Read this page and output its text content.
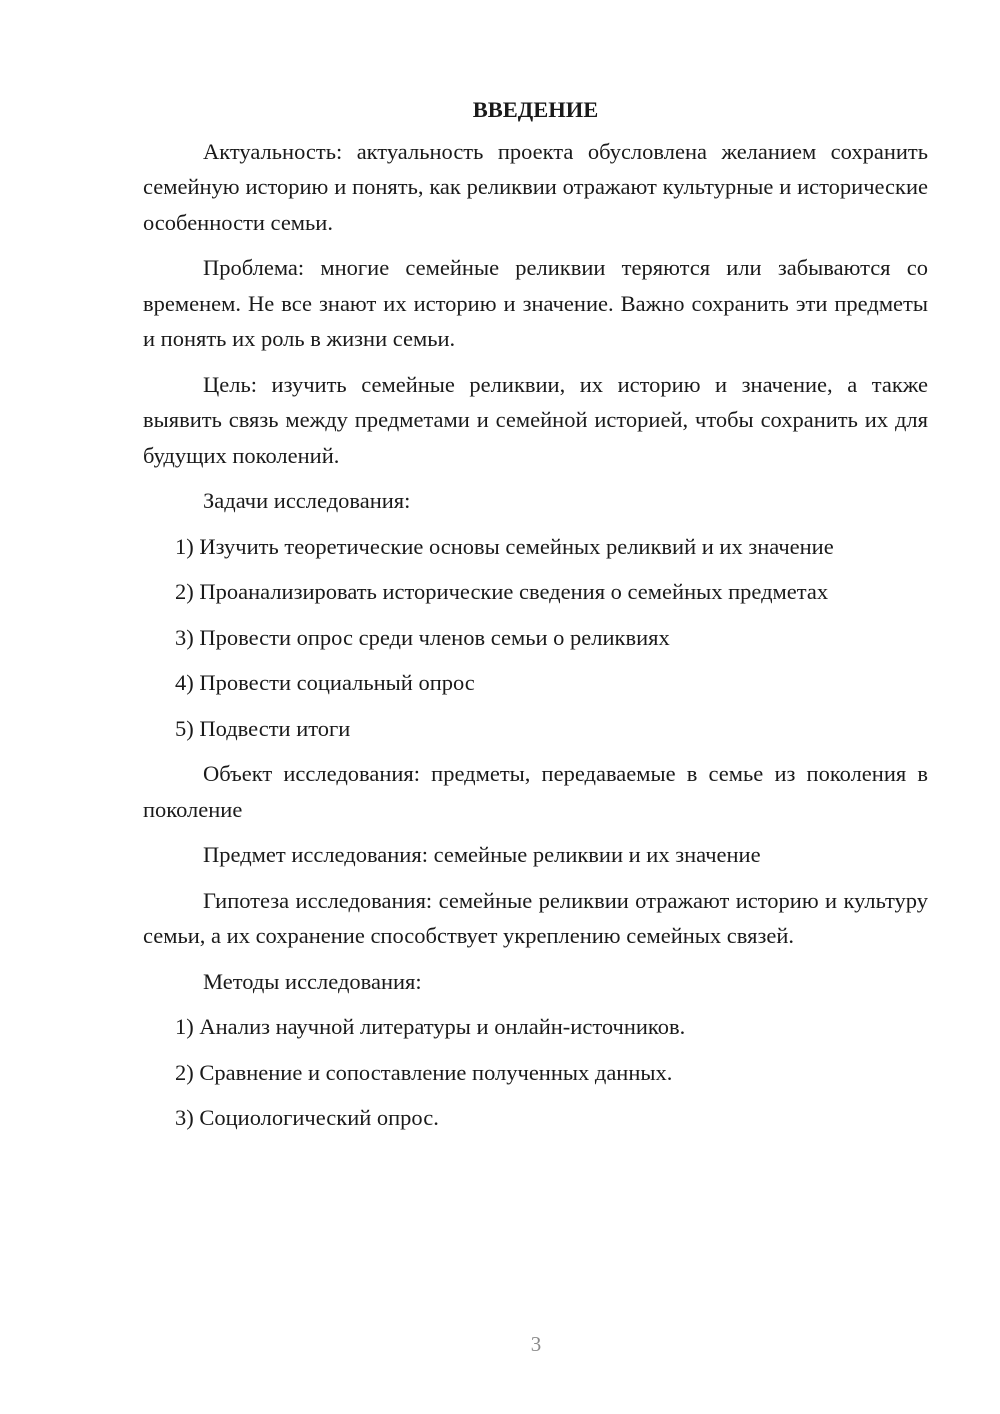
ВВЕДЕНИЕ
Актуальность: актуальность проекта обусловлена желанием сохранить семейную историю и понять, как реликвии отражают культурные и исторические особенности семьи.
Проблема: многие семейные реликвии теряются или забываются со временем. Не все знают их историю и значение. Важно сохранить эти предметы и понять их роль в жизни семьи.
Цель: изучить семейные реликвии, их историю и значение, а также выявить связь между предметами и семейной историей, чтобы сохранить их для будущих поколений.
Задачи исследования:
1) Изучить теоретические основы семейных реликвий и их значение
2) Проанализировать исторические сведения о семейных предметах
3) Провести опрос среди членов семьи о реликвиях
4) Провести социальный опрос
5) Подвести итоги
Объект исследования: предметы, передаваемые в семье из поколения в поколение
Предмет исследования: семейные реликвии и их значение
Гипотеза исследования: семейные реликвии отражают историю и культуру семьи, а их сохранение способствует укреплению семейных связей.
Методы исследования:
1) Анализ научной литературы и онлайн-источников.
2) Сравнение и сопоставление полученных данных.
3) Социологический опрос.
3
